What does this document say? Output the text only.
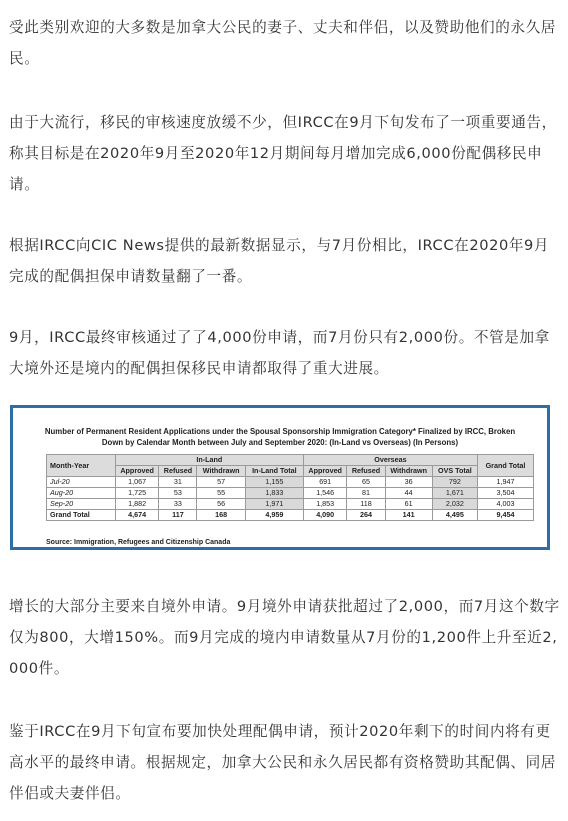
受此类别欢迎的大多数是加拿大公民的妻子、丈夫和伴侣，以及赞助他们的永久居民。

由于大流行，移民的审核速度放缓不少，但IRCC在9月下旬发布了一项重要通告，称其目标是在2020年9月至2020年12月期间每月增加完成6,000份配偶移民申请。

根据IRCC向CIC News提供的最新数据显示，与7月份相比，IRCC在2020年9月完成的配偶担保申请数量翻了一番。

9月，IRCC最终审核通过了了4,000份申请，而7月份只有2,000份。不管是加拿大境外还是境内的配偶担保移民申请都取得了重大进展。

Number of Permanent Resident Applications under the Spousal Sponsorship Immigration Category* Finalized by IRCC, Broken
Down by Calendar Month between July and September 2020: (In-Land vs Overseas) (In Persons)
Month-Year	In-Land				Overseas				Grand Total
	Approved	Refused	Withdrawn	In-Land Total	Approved	Refused	Withdrawn	OVS Total	
Jul-20	1,067	31	57	1,155	691	65	36	792	1,947
Aug-20	1,725	53	55	1,833	1,546	81	44	1,671	3,504
Sep-20	1,882	33	56	1,971	1,853	118	61	2,032	4,003
Grand Total	4,674	117	168	4,959	4,090	264	141	4,495	9,454
Source: Immigration, Refugees and Citizenship Canada

增长的大部分主要来自境外申请。9月境外申请获批超过了2,000，而7月这个数字仅为800，大增150%。而9月完成的境内申请数量从7月份的1,200件上升至近2,000件。

鉴于IRCC在9月下旬宣布要加快处理配偶申请，预计2020年剩下的时间内将有更高水平的最终申请。根据规定，加拿大公民和永久居民都有资格赞助其配偶、同居伴侣或夫妻伴侣。
